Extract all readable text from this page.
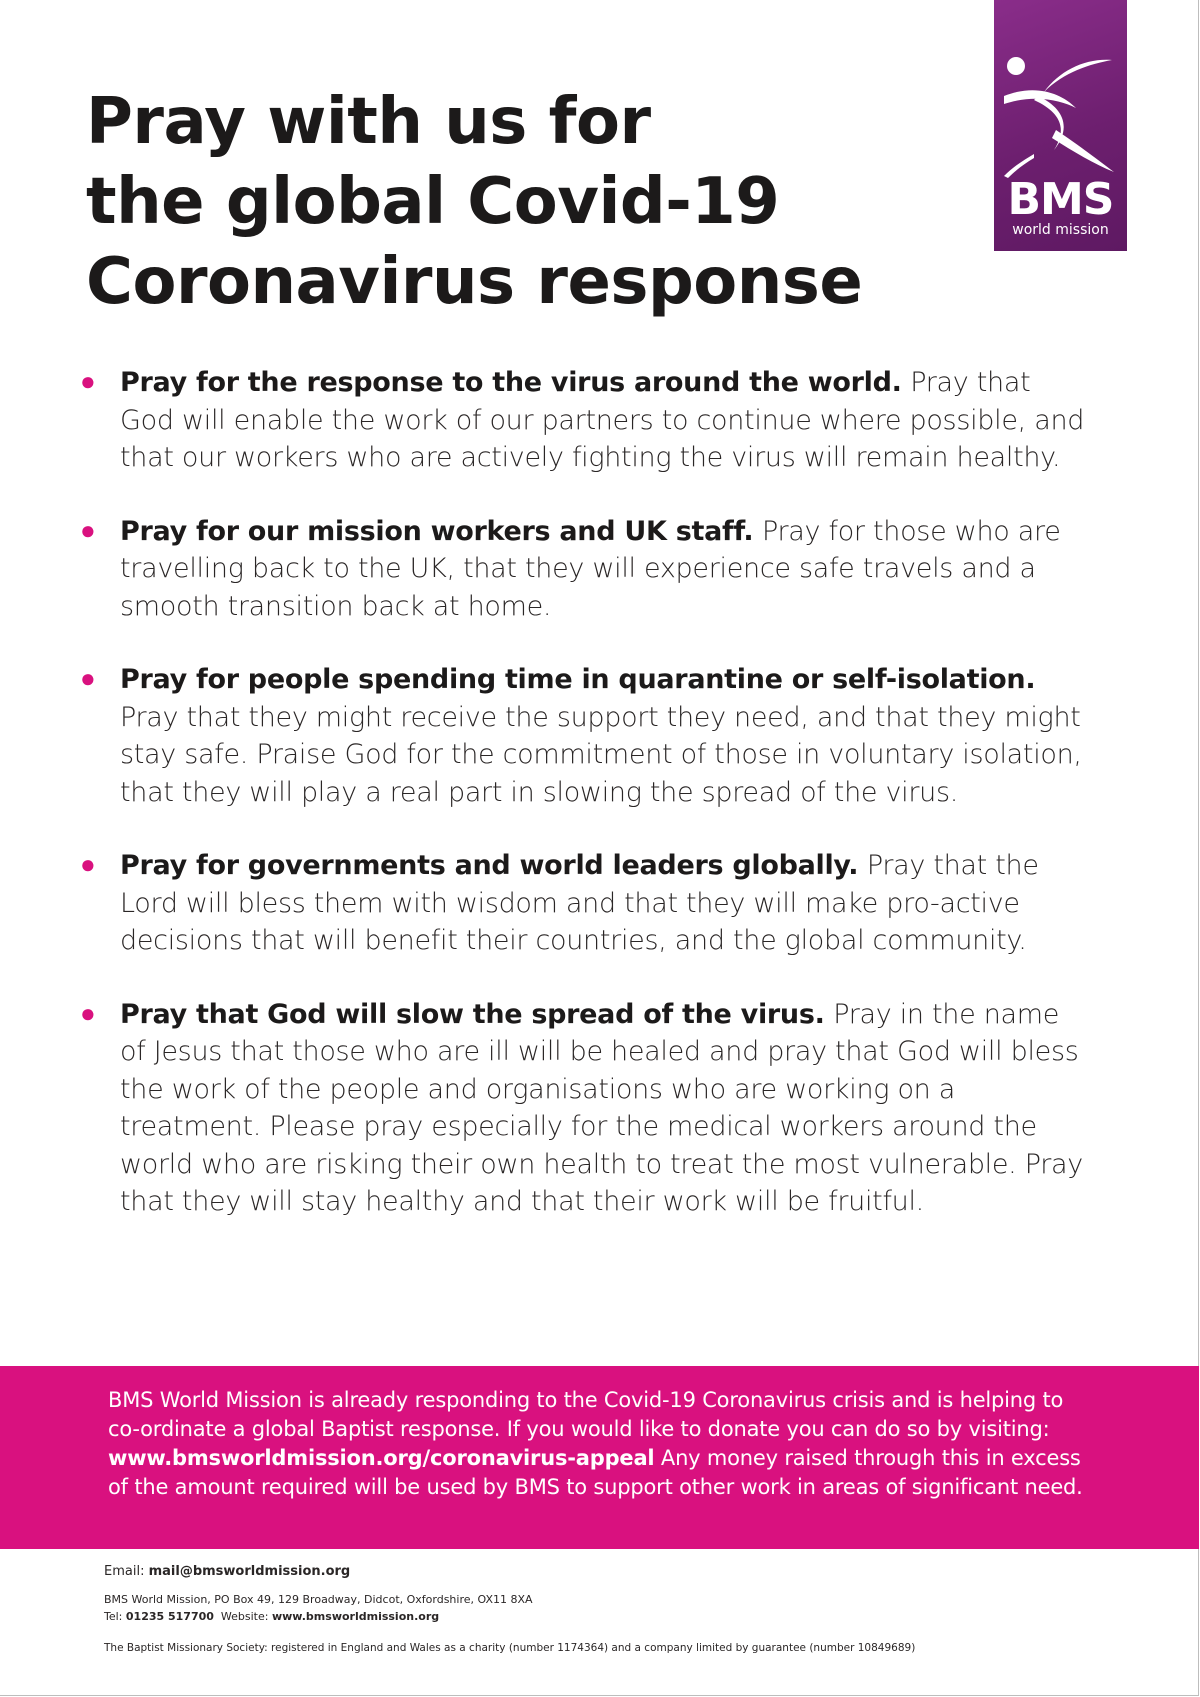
Pray with us for
the global Covid-19
Coronavirus response
BMS
world mission
● Pray for the response to the virus around the world. Pray that God will enable the work of our partners to continue where possible, and that our workers who are actively fighting the virus will remain healthy.
● Pray for our mission workers and UK staff. Pray for those who are travelling back to the UK, that they will experience safe travels and a smooth transition back at home.
● Pray for people spending time in quarantine or self-isolation. Pray that they might receive the support they need, and that they might stay safe. Praise God for the commitment of those in voluntary isolation, that they will play a real part in slowing the spread of the virus.
● Pray for governments and world leaders globally. Pray that the Lord will bless them with wisdom and that they will make pro-active decisions that will benefit their countries, and the global community.
● Pray that God will slow the spread of the virus. Pray in the name of Jesus that those who are ill will be healed and pray that God will bless the work of the people and organisations who are working on a treatment. Please pray especially for the medical workers around the world who are risking their own health to treat the most vulnerable. Pray that they will stay healthy and that their work will be fruitful.
BMS World Mission is already responding to the Covid-19 Coronavirus crisis and is helping to co-ordinate a global Baptist response. If you would like to donate you can do so by visiting: www.bmsworldmission.org/coronavirus-appeal Any money raised through this in excess of the amount required will be used by BMS to support other work in areas of significant need.
Email: mail@bmsworldmission.org
BMS World Mission, PO Box 49, 129 Broadway, Didcot, Oxfordshire, OX11 8XA
Tel: 01235 517700  Website: www.bmsworldmission.org
The Baptist Missionary Society: registered in England and Wales as a charity (number 1174364) and a company limited by guarantee (number 10849689)
